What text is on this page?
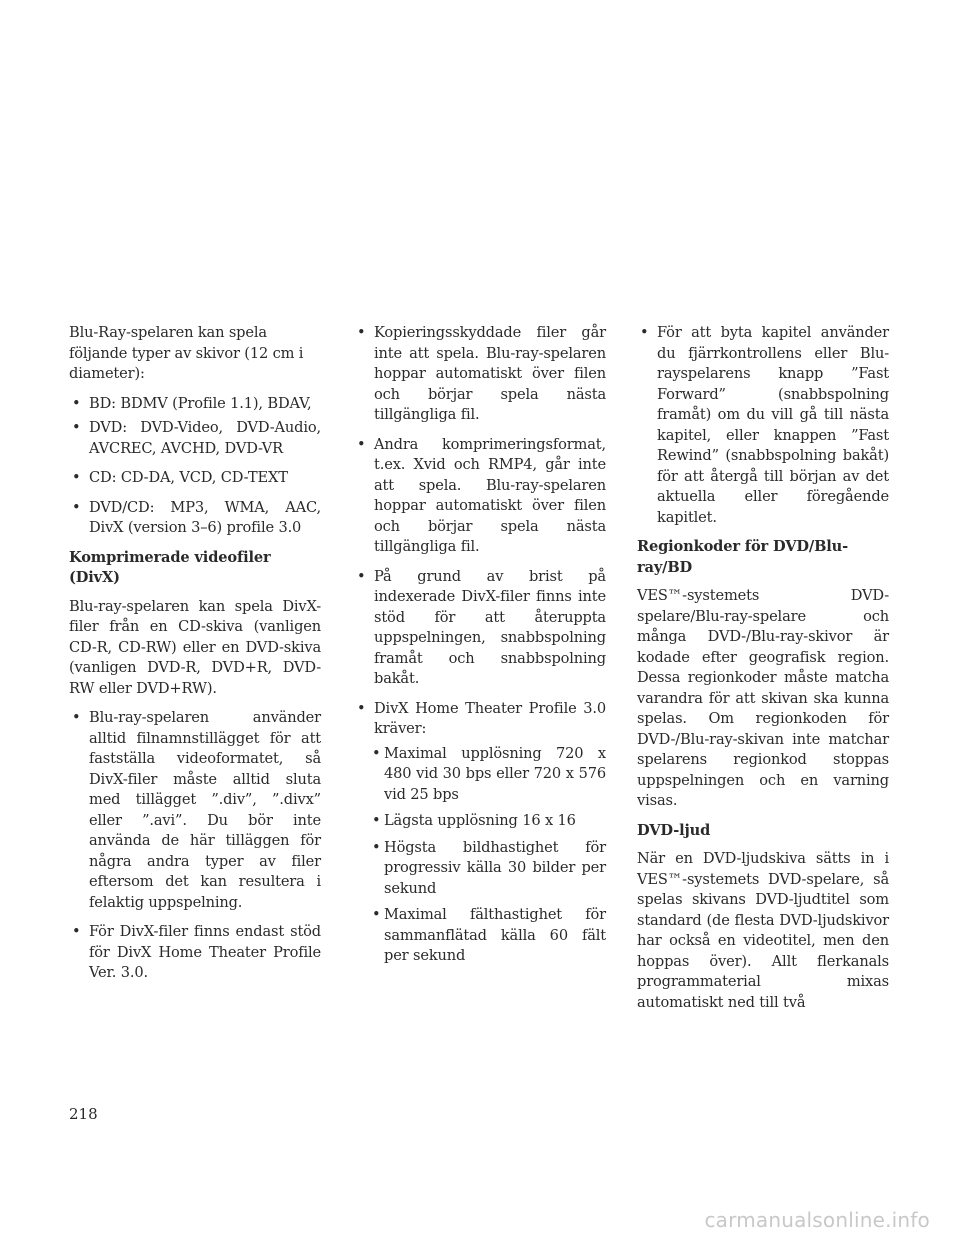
Blu-Ray-spelaren kan spela följande typer av skivor (12 cm i diameter):

• BD: BDMV (Profile 1.1), BDAV,
• DVD: DVD-Video, DVD-Audio, AVCREC, AVCHD, DVD-VR
• CD: CD-DA, VCD, CD-TEXT
• DVD/CD: MP3, WMA, AAC, DivX (version 3–6) profile 3.0
Komprimerade videofiler (DivX)

Blu-ray-spelaren kan spela DivX-filer från en CD-skiva (vanligen CD-R, CD-RW) eller en DVD-skiva (vanligen DVD-R, DVD+R, DVD-RW eller DVD+RW).

• Blu-ray-spelaren använder alltid filnamnstillägget för att fastställa videoformatet, så DivX-filer måste alltid sluta med tillägget ”.div”, ”.divx” eller ”.avi”. Du bör inte använda de här tilläggen för några andra typer av filer eftersom det kan resultera i felaktig uppspelning.
• För DivX-filer finns endast stöd för DivX Home Theater Profile Ver. 3.0.
• Kopieringsskyddade filer går inte att spela. Blu-ray-spelaren hoppar automatiskt över filen och börjar spela nästa tillgängliga fil.
• Andra komprimeringsformat, t.ex. Xvid och RMP4, går inte att spela. Blu-ray-spelaren hoppar automatiskt över filen och börjar spela nästa tillgängliga fil.
• På grund av brist på indexerade DivX-filer finns inte stöd för att återuppta uppspelningen, snabbspolning framåt och snabbspolning bakåt.
• DivX Home Theater Profile 3.0 kräver:
• Maximal upplösning 720 x 480 vid 30 bps eller 720 x 576 vid 25 bps
• Lägsta upplösning 16 x 16
• Högsta bildhastighet för progressiv källa 30 bilder per sekund
• Maximal fälthastighet för sammanflätad källa 60 fält per sekund
• För att byta kapitel använder du fjärrkontrollens eller Blu-rayspelarens knapp ”Fast Forward” (snabbspolning framåt) om du vill gå till nästa kapitel, eller knappen ”Fast Rewind” (snabbspolning bakåt) för att återgå till början av det aktuella eller föregående kapitlet.
Regionkoder för DVD/Blu-ray/BD

VES™-systemets DVD-spelare/Blu-ray-spelare och många DVD-/Blu-ray-skivor är kodade efter geografisk region. Dessa regionkoder måste matcha varandra för att skivan ska kunna spelas. Om regionkoden för DVD-/Blu-ray-skivan inte matchar spelarens regionkod stoppas uppspelningen och en varning visas.

DVD-ljud

När en DVD-ljudskiva sätts in i VES™-systemets DVD-spelare, så spelas skivans DVD-ljudtitel som standard (de flesta DVD-ljudskivor har också en videotitel, men den hoppas över). Allt flerkanals programmaterial mixas automatiskt ned till två

218
carmanualsonline.info
